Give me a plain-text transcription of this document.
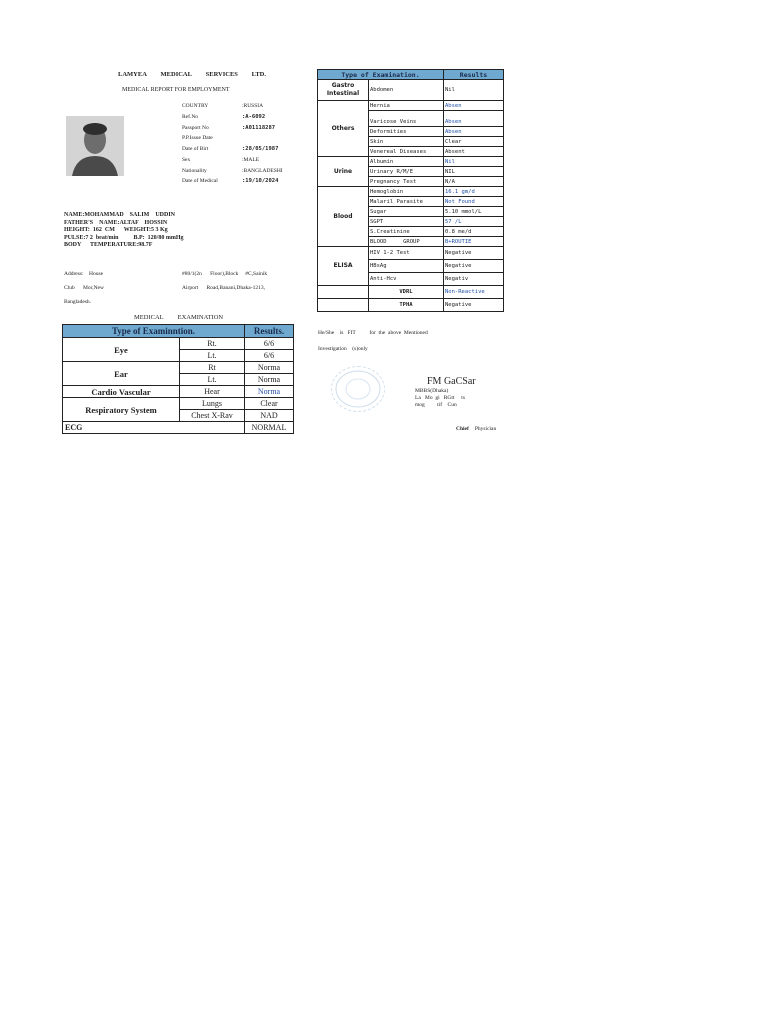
LAMYEA MEDICAL SERVICES LTD.
MEDICAL REPORT FOR EMPLOYMENT
COUNTRY	:RUSSIA
Ref.No	:A-6092
Passport No	:A01118287
P.P.Issue Date
Date of Birt	:28/05/1987
Sex	:MALE
Nationality	:BANGLADESHI
Date of Medical	:19/10/2024
NAME:MOHAMMAD    SALIM    UDDIN
FATHER'S    NAME:ALTAF    HOSSIN
HEIGHT:  162  CM      WEIGHT:5 3 Kg
PULSE:7 2  beat/min          B.P:  120/80 mmHg
BODY      TEMPERATURE:98.7F
Address:    House	#80/1(2n      Floor),Block     #C,Sainik
Club      Mor,New	Airport      Road,Banani,Dhaka-1213,
Bangladesh.
MEDICAL EXAMINATION
Type of Examinntion.		Results.
Eye	Rt.	6/6
	Lt.	6/6
Ear	Rt	Norma
	Lt.	Norma
Cardio Vascular	Hear	Norma
Respiratory System	Lungs	Clear
	Chest X-Rav	NAD
ECG		NORMAL
Type of Examination.		Results
Gastro Intestinal	Abdomen	Nil
Others	Hernia	Absen
	Varicose Veins	Absen
	Deformities	Absen
	Skin	Clear
	Venereal Diseases	Absent
Urine	Albumin	Nil
	Urinary R/M/E	NIL
	Pregnancy Test	N/A
Blood	Hemoglobin	16.1 gm/d
	Malaril Parasite	Not Found
	Sugar	5.10 mmol/L
	SGPT	57 /L
	S.Creatinine	0.8 me/d
	BLOOD     GROUP	B+ROUTIE
ELISA	HIV 1-2 Test	Negative
	HBsAg	Negative
	Anti-Hcv	Negativ
	VDRL	Non-Reactive
	TPHA	Negative
He/She    is   FIT          for  the  above  Mentioned
Investigation    (s)only
FM GaCSar
MBBS(Dhaka)
La   Mo  gi   RGtt     ts
mog         tif    Cun
Chief Physician
